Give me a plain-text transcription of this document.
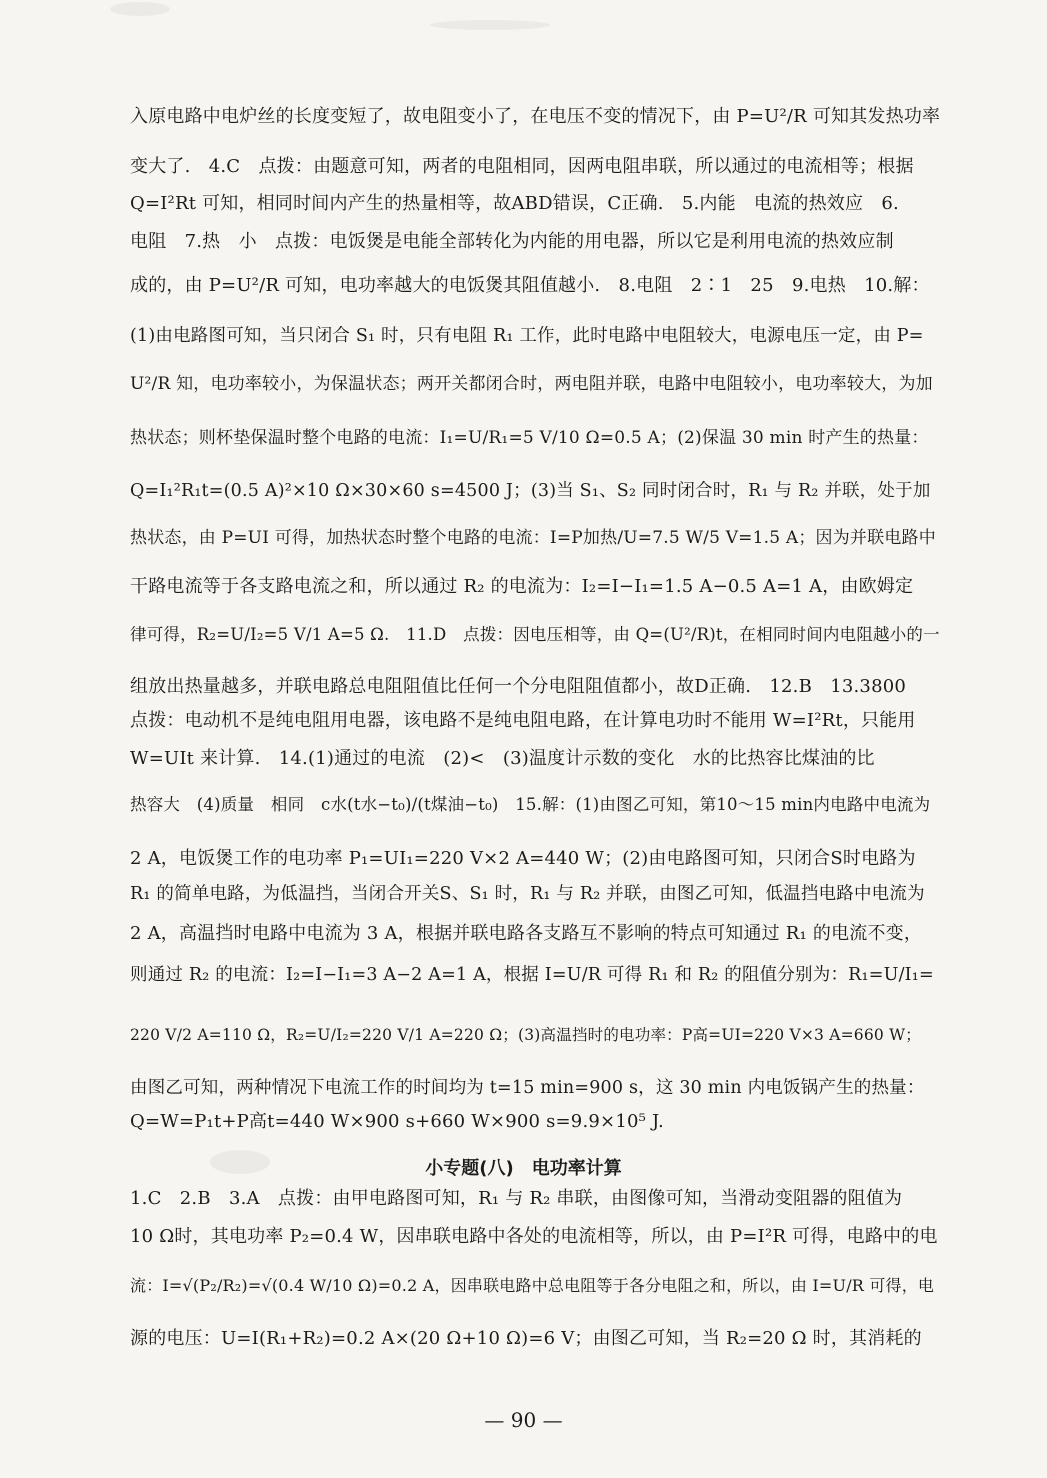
入原电路中电炉丝的长度变短了，故电阻变小了，在电压不变的情况下，由 P=U²/R 可知其发热功率
变大了.　4.C　点拨：由题意可知，两者的电阻相同，因两电阻串联，所以通过的电流相等；根据
Q=I²Rt 可知，相同时间内产生的热量相等，故ABD错误，C正确.　5.内能　电流的热效应　6.
电阻　7.热　小　点拨：电饭煲是电能全部转化为内能的用电器，所以它是利用电流的热效应制
成的，由 P=U²/R 可知，电功率越大的电饭煲其阻值越小.　8.电阻　2∶1　25　9.电热　10.解：
(1)由电路图可知，当只闭合 S₁ 时，只有电阻 R₁ 工作，此时电路中电阻较大，电源电压一定，由 P=
U²/R 知，电功率较小，为保温状态；两开关都闭合时，两电阻并联，电路中电阻较小，电功率较大，为加
热状态；则杯垫保温时整个电路的电流：I₁=U/R₁=5 V/10 Ω=0.5 A；(2)保温 30 min 时产生的热量：
Q=I₁²R₁t=(0.5 A)²×10 Ω×30×60 s=4500 J；(3)当 S₁、S₂ 同时闭合时，R₁ 与 R₂ 并联，处于加
热状态，由 P=UI 可得，加热状态时整个电路的电流：I=P加热/U=7.5 W/5 V=1.5 A；因为并联电路中
干路电流等于各支路电流之和，所以通过 R₂ 的电流为：I₂=I−I₁=1.5 A−0.5 A=1 A，由欧姆定
律可得，R₂=U/I₂=5 V/1 A=5 Ω.　11.D　点拨：因电压相等，由 Q=(U²/R)t，在相同时间内电阻越小的一
组放出热量越多，并联电路总电阻阻值比任何一个分电阻阻值都小，故D正确.　12.B　13.3800
点拨：电动机不是纯电阻用电器，该电路不是纯电阻电路，在计算电功时不能用 W=I²Rt，只能用
W=UIt 来计算.　14.(1)通过的电流　(2)<　(3)温度计示数的变化　水的比热容比煤油的比
热容大　(4)质量　相同　c水(t水−t₀)/(t煤油−t₀)　15.解：(1)由图乙可知，第10～15 min内电路中电流为
2 A，电饭煲工作的电功率 P₁=UI₁=220 V×2 A=440 W；(2)由电路图可知，只闭合S时电路为
R₁ 的简单电路，为低温挡，当闭合开关S、S₁ 时，R₁ 与 R₂ 并联，由图乙可知，低温挡电路中电流为
2 A，高温挡时电路中电流为 3 A，根据并联电路各支路互不影响的特点可知通过 R₁ 的电流不变，
则通过 R₂ 的电流：I₂=I−I₁=3 A−2 A=1 A，根据 I=U/R 可得 R₁ 和 R₂ 的阻值分别为：R₁=U/I₁=
220 V/2 A=110 Ω，R₂=U/I₂=220 V/1 A=220 Ω；(3)高温挡时的电功率：P高=UI=220 V×3 A=660 W；
由图乙可知，两种情况下电流工作的时间均为 t=15 min=900 s，这 30 min 内电饭锅产生的热量：
Q=W=P₁t+P高t=440 W×900 s+660 W×900 s=9.9×10⁵ J.
小专题(八)　电功率计算
1.C　2.B　3.A　点拨：由甲电路图可知，R₁ 与 R₂ 串联，由图像可知，当滑动变阻器的阻值为
10 Ω时，其电功率 P₂=0.4 W，因串联电路中各处的电流相等，所以，由 P=I²R 可得，电路中的电
流：I=√(P₂/R₂)=√(0.4 W/10 Ω)=0.2 A，因串联电路中总电阻等于各分电阻之和，所以，由 I=U/R 可得，电
源的电压：U=I(R₁+R₂)=0.2 A×(20 Ω+10 Ω)=6 V；由图乙可知，当 R₂=20 Ω 时，其消耗的
— 90 —
